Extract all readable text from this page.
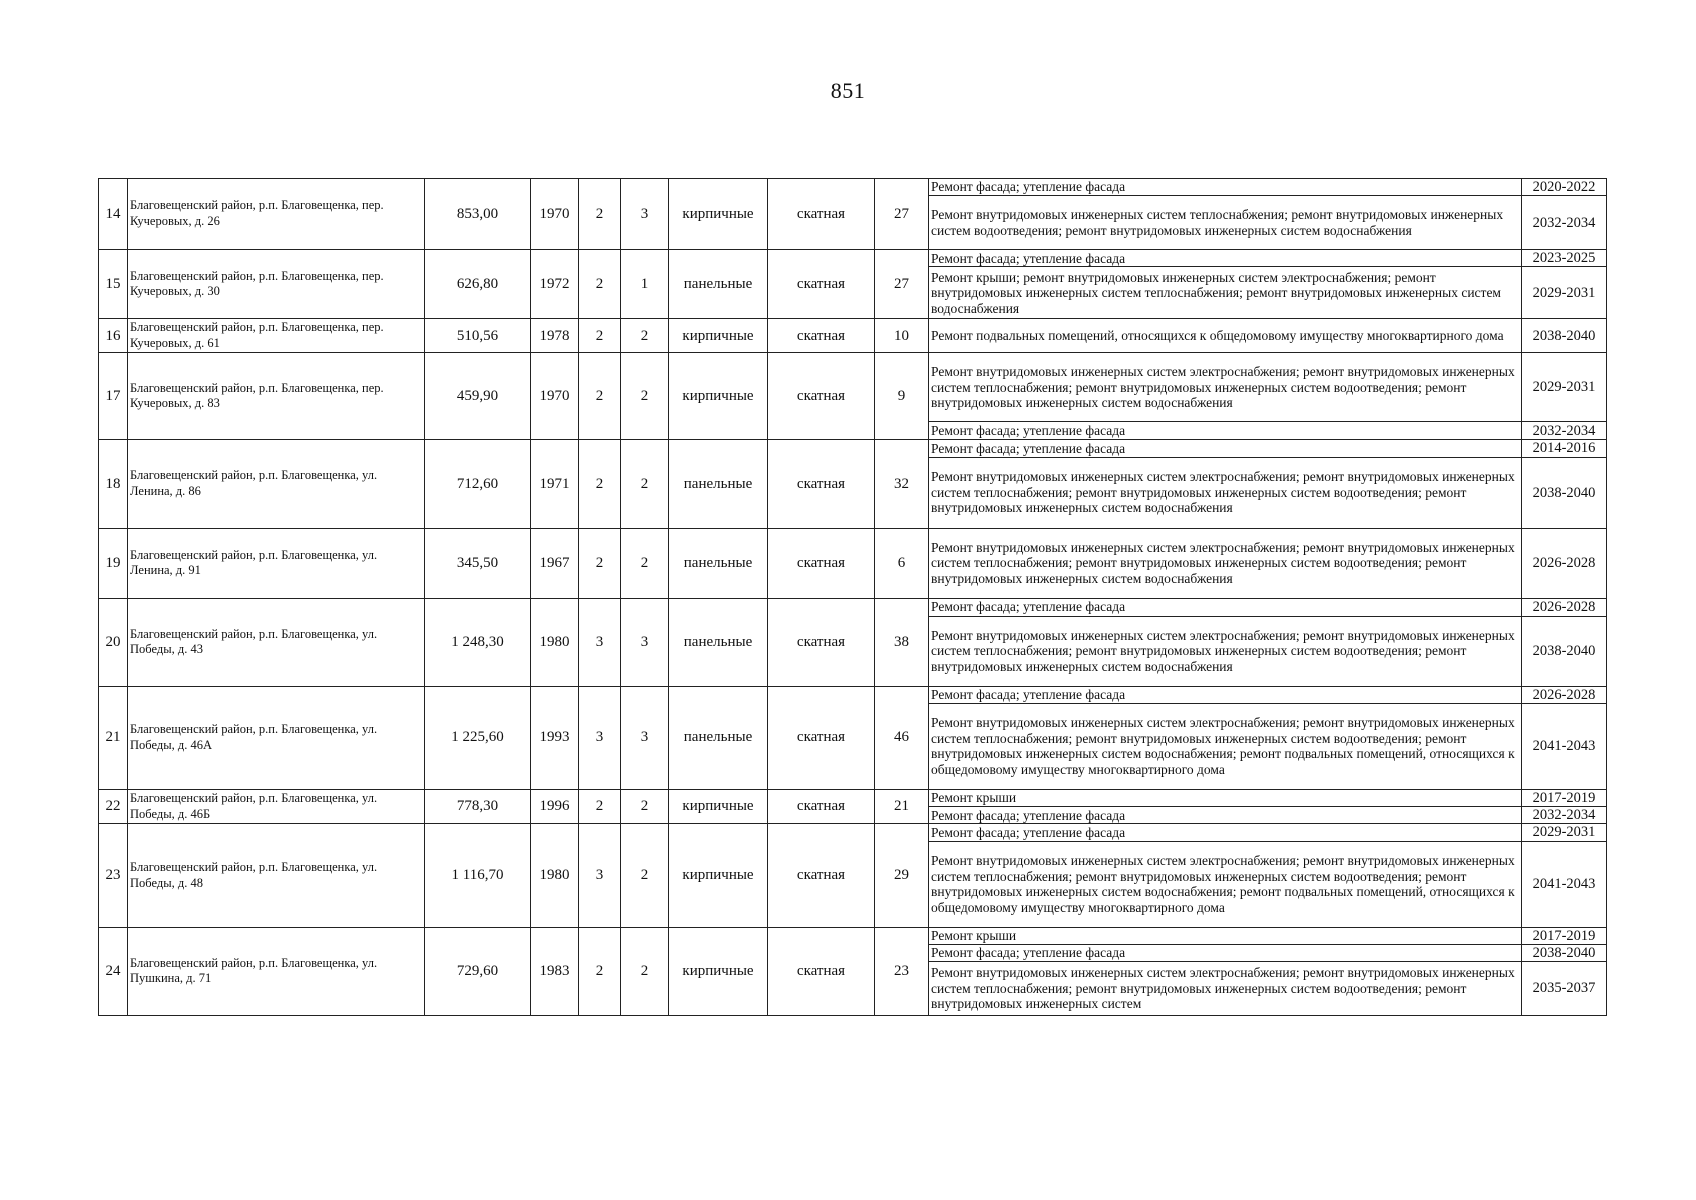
851
14	Благовещенский район, р.п. Благовещенка, пер. Кучеровых, д. 26	853,00	1970	2	3	кирпичные	скатная	27	Ремонт фасада; утепление фасада	2020-2022
									Ремонт внутридомовых инженерных систем теплоснабжения; ремонт внутридомовых инженерных систем водоотведения; ремонт внутридомовых инженерных систем водоснабжения	2032-2034
15	Благовещенский район, р.п. Благовещенка, пер. Кучеровых, д. 30	626,80	1972	2	1	панельные	скатная	27	Ремонт фасада; утепление фасада	2023-2025
									Ремонт крыши; ремонт внутридомовых инженерных систем электроснабжения; ремонт внутридомовых инженерных систем теплоснабжения; ремонт внутридомовых инженерных систем водоснабжения	2029-2031
16	Благовещенский район, р.п. Благовещенка, пер. Кучеровых, д. 61	510,56	1978	2	2	кирпичные	скатная	10	Ремонт подвальных помещений, относящихся к общедомовому имуществу многоквартирного дома	2038-2040
17	Благовещенский район, р.п. Благовещенка, пер. Кучеровых, д. 83	459,90	1970	2	2	кирпичные	скатная	9	Ремонт внутридомовых инженерных систем электроснабжения; ремонт внутридомовых инженерных систем теплоснабжения; ремонт внутридомовых инженерных систем водоотведения; ремонт внутридомовых инженерных систем водоснабжения	2029-2031
									Ремонт фасада; утепление фасада	2032-2034
18	Благовещенский район, р.п. Благовещенка, ул. Ленина, д. 86	712,60	1971	2	2	панельные	скатная	32	Ремонт фасада; утепление фасада	2014-2016
									Ремонт внутридомовых инженерных систем электроснабжения; ремонт внутридомовых инженерных систем теплоснабжения; ремонт внутридомовых инженерных систем водоотведения; ремонт внутридомовых инженерных систем водоснабжения	2038-2040
19	Благовещенский район, р.п. Благовещенка, ул. Ленина, д. 91	345,50	1967	2	2	панельные	скатная	6	Ремонт внутридомовых инженерных систем электроснабжения; ремонт внутридомовых инженерных систем теплоснабжения; ремонт внутридомовых инженерных систем водоотведения; ремонт внутридомовых инженерных систем водоснабжения	2026-2028
20	Благовещенский район, р.п. Благовещенка, ул. Победы, д. 43	1 248,30	1980	3	3	панельные	скатная	38	Ремонт фасада; утепление фасада	2026-2028
									Ремонт внутридомовых инженерных систем электроснабжения; ремонт внутридомовых инженерных систем теплоснабжения; ремонт внутридомовых инженерных систем водоотведения; ремонт внутридомовых инженерных систем водоснабжения	2038-2040
21	Благовещенский район, р.п. Благовещенка, ул. Победы, д. 46А	1 225,60	1993	3	3	панельные	скатная	46	Ремонт фасада; утепление фасада	2026-2028
									Ремонт внутридомовых инженерных систем электроснабжения; ремонт внутридомовых инженерных систем теплоснабжения; ремонт внутридомовых инженерных систем водоотведения; ремонт внутридомовых инженерных систем водоснабжения; ремонт подвальных помещений, относящихся к общедомовому имуществу многоквартирного дома	2041-2043
22	Благовещенский район, р.п. Благовещенка, ул. Победы, д. 46Б	778,30	1996	2	2	кирпичные	скатная	21	Ремонт крыши	2017-2019
									Ремонт фасада; утепление фасада	2032-2034
23	Благовещенский район, р.п. Благовещенка, ул. Победы, д. 48	1 116,70	1980	3	2	кирпичные	скатная	29	Ремонт фасада; утепление фасада	2029-2031
									Ремонт внутридомовых инженерных систем электроснабжения; ремонт внутридомовых инженерных систем теплоснабжения; ремонт внутридомовых инженерных систем водоотведения; ремонт внутридомовых инженерных систем водоснабжения; ремонт подвальных помещений, относящихся к общедомовому имуществу многоквартирного дома	2041-2043
24	Благовещенский район, р.п. Благовещенка, ул. Пушкина, д. 71	729,60	1983	2	2	кирпичные	скатная	23	Ремонт крыши	2017-2019
									Ремонт фасада; утепление фасада	2038-2040
									Ремонт внутридомовых инженерных систем электроснабжения; ремонт внутридомовых инженерных систем теплоснабжения; ремонт внутридомовых инженерных систем водоотведения; ремонт внутридомовых инженерных систем	2035-2037
